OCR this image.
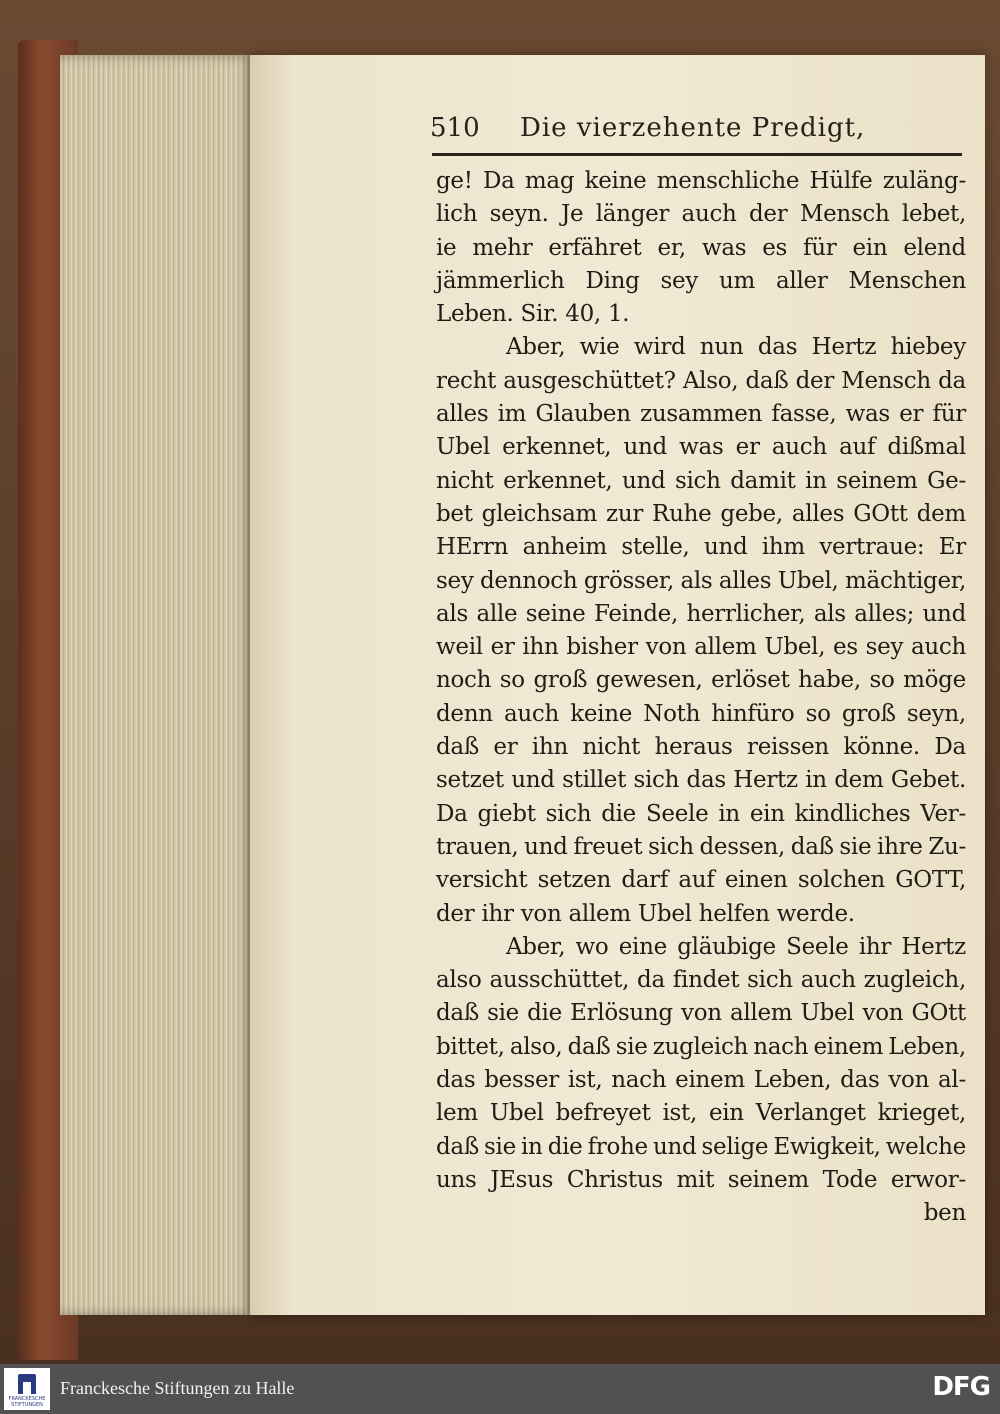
510 Die vierzehente Predigt,
ge! Da mag keine menschliche Hülfe zuläng-
lich seyn. Je länger auch der Mensch lebet,
ie mehr erfähret er, was es für ein elend
jämmerlich Ding sey um aller Menschen
Leben. Sir. 40, 1.
Aber, wie wird nun das Hertz hiebey
recht ausgeschüttet? Also, daß der Mensch da
alles im Glauben zusammen fasse, was er für
Ubel erkennet, und was er auch auf dißmal
nicht erkennet, und sich damit in seinem Ge-
bet gleichsam zur Ruhe gebe, alles GOtt dem
HErrn anheim stelle, und ihm vertraue: Er
sey dennoch grösser, als alles Ubel, mächtiger,
als alle seine Feinde, herrlicher, als alles; und
weil er ihn bisher von allem Ubel, es sey auch
noch so groß gewesen, erlöset habe, so möge
denn auch keine Noth hinfüro so groß seyn,
daß er ihn nicht heraus reissen könne. Da
setzet und stillet sich das Hertz in dem Gebet.
Da giebt sich die Seele in ein kindliches Ver-
trauen, und freuet sich dessen, daß sie ihre Zu-
versicht setzen darf auf einen solchen GOTT,
der ihr von allem Ubel helfen werde.
Aber, wo eine gläubige Seele ihr Hertz
also ausschüttet, da findet sich auch zugleich,
daß sie die Erlösung von allem Ubel von GOtt
bittet, also, daß sie zugleich nach einem Leben,
das besser ist, nach einem Leben, das von al-
lem Ubel befreyet ist, ein Verlanget krieget,
daß sie in die frohe und selige Ewigkeit, welche
uns JEsus Christus mit seinem Tode erwor-
ben
FRANCKESCHE STIFTUNGEN
Franckesche Stiftungen zu Halle	DFG
